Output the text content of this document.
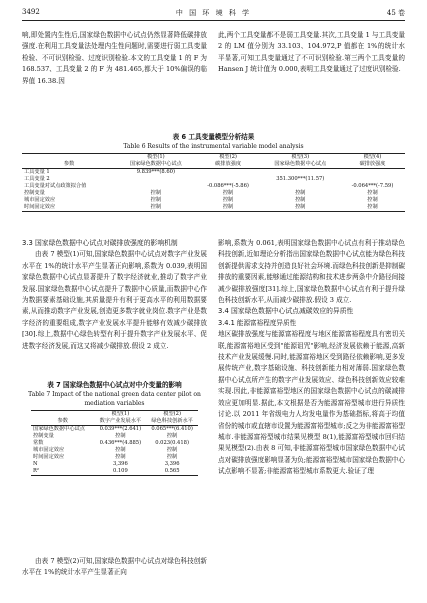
3492	中 国 环 境 科 学	45 卷

响,即处置内生性后,国家绿色数据中心试点仍然显著降低碳排放强度.在利用工具变量法处理内生性问题时,需要进行弱工具变量检验、不可识别检验、过度识别检验.本文的工具变量 1 的 F 为 168.537、工具变量 2 的 F 为 481.465,都大于 10%偏误的临界值 16.38.因

此,两个工具变量都不是弱工具变量.其次,工具变量 1 与工具变量 2 的 LM 值分别为 33.103、104.972,P 值都在 1%的统计水平显著,可知工具变量通过了不可识别检验.第三两个工具变量的 Hansen J 统计值为 0.000,表明工具变量通过了过度识别检验.

表 6 工具变量模型分析结果
Table 6 Results of the instrumental variable model analysis
	模型(1)	模型(2)	模型(3)	模型(4)
参数	国家绿色数据中心试点	碳排放强度	国家绿色数据中心试点	碳排放强度
工具变量 1	9.839***(8.60)			
工具变量 2			351.300***(11.57)	
工具变量对试点政策拟合值		-0.086***(-5.86)		-0.064***(-7.59)
控制变量	控制	控制	控制	控制
城市固定效应	控制	控制	控制	控制
时间固定效应	控制	控制	控制	控制

3.3 国家绿色数据中心试点对碳排放强度的影响机制

由表 7 模型(1)可知,国家绿色数据中心试点对数字产业发展水平在 1%的统计水平产生显著正向影响,系数为 0.039,表明国家绿色数据中心试点显著提升了数字经济就业,推动了数字产业发展.国家绿色数据中心试点提升了数据中心质量,而数据中心作为数据要素基础设施,其质量提升有利于更高水平的利用数据要素,从而推动数字产业发展,创造更多数字就业岗位.数字产业是数字经济的重要组成,数字产业发展水平提升能够有效减少碳排放[30].综上,数据中心绿色转型有利于提升数字产业发展水平、促进数字经济发展,而这又将减少碳排放.假设 2 成立.

表 7 国家绿色数据中心试点对中介变量的影响
Table 7 Impact of the national green data center pilot on
mediation variables
	模型(1)	模型(2)
参数	数字产业发展水平	绿色科技创新水平
国家绿色数据中心试点	0.039***(2.641)	0.065***(6.410)
控制变量	控制	控制
常数	0.436***(4.885)	0.023(0.418)
城市固定效应	控制	控制
时间固定效应	控制	控制
N	3,396	3,396
R²	0.109	0.565

由表 7 模型(2)可知,国家绿色数据中心试点对绿色科技创新水平在 1%的统计水平产生显著正向

影响,系数为 0.061,表明国家绿色数据中心试点有利于推动绿色科技创新,近如理论分析指出国家绿色数据中心试点能为绿色科技创新提供需求支持并创造良好社会环境.而绿色科技创新是抑制碳排放的重要因素,能够通过能源结构和技术进步两条中介路径间接减少碳排放强度[31].综上,国家绿色数据中心试点有利于提升绿色科技创新水平,从而减少碳排放.假设 3 成立.

3.4 国家绿色数据中心试点减碳效应的异质性

3.4.1 能源富裕程度异质性

地区碳排放强度与能源富裕程度与地区能源富裕程度具有密切关联,能源富裕地区受到"能源诅咒"影响,经济发展依赖于能源,高新技术产业发展缓慢.同时,能源富裕地区受到路径依赖影响,更多发展传统产业,数字基础设施、科技创新能力相对薄弱.国家绿色数据中心试点所产生的数字产业发展效应、绿色科技创新效应较难实现.因此,非能源富裕型地区的国家绿色数据中心试点的碳减排效应更加明显.据此,本文根据是否为能源富裕型城市进行异质性讨论.以 2011 年省级电力人均发电量作为基础指标,将高于均值省份的城市或直辖市设置为能源富裕型城市;反之为非能源富裕型城市.非能源富裕型城市结果见模型 8(1),能源富裕型城市回归结果见模型(2).由表 8 可知,非能源富裕型城市国家绿色数据中心试点对碳排放强度影响显著为负;能源富裕型城市国家绿色数据中心试点影响不显著;非能源富裕型城市系数更大.验证了理
